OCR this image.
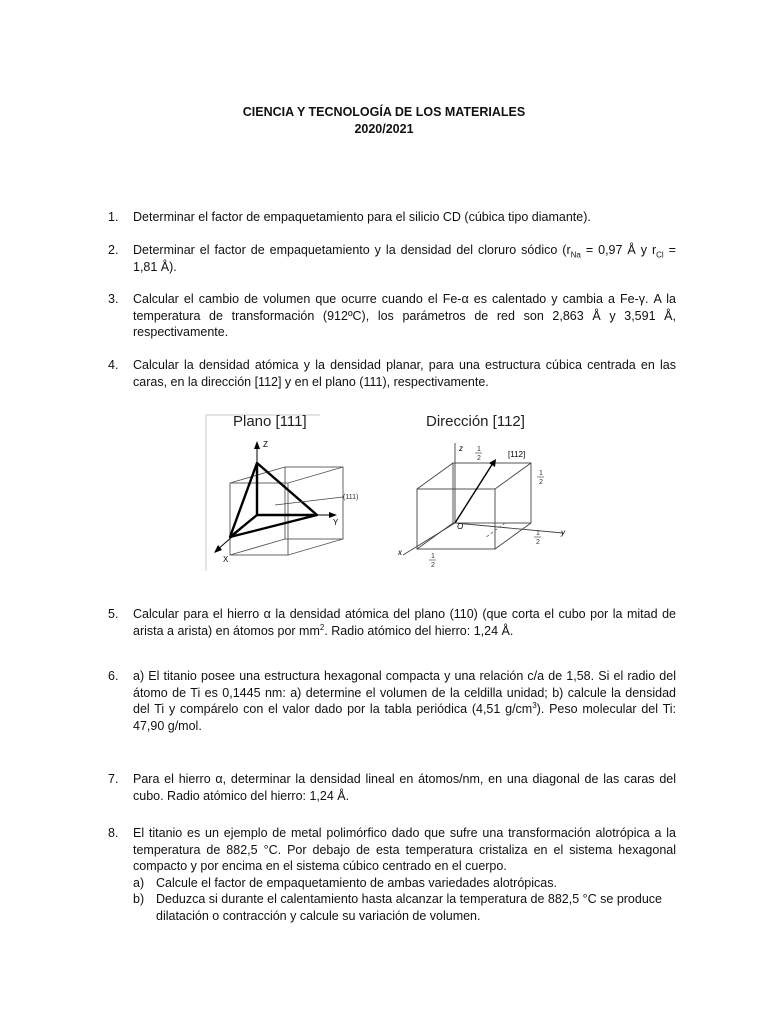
CIENCIA Y TECNOLOGÍA DE LOS MATERIALES
2020/2021
1. Determinar el factor de empaquetamiento para el silicio CD (cúbica tipo diamante).
2. Determinar el factor de empaquetamiento y la densidad del cloruro sódico ($r_{Na} = 0,97$ Å y $r_{Cl} = 1,81$ Å).
3. Calcular el cambio de volumen que ocurre cuando el Fe-α es calentado y cambia a Fe-γ. A la temperatura de transformación (912ºC), los parámetros de red son 2,863 Å y 3,591 Å, respectivamente.
4. Calcular la densidad atómica y la densidad planar, para una estructura cúbica centrada en las caras, en la dirección [112] y en el plano (111), respectivamente.
Plano [111]
Z
Y
X
(111)
Dirección [112]
z
y
x
O
[112]
1
2
1
2
1
2
1
2
5. Calcular para el hierro α la densidad atómica del plano (110) (que corta el cubo por la mitad de arista a arista) en átomos por $mm^2$. Radio atómico del hierro: 1,24 Å.
6. a) El titanio posee una estructura hexagonal compacta y una relación c/a de 1,58. Si el radio del átomo de Ti es 0,1445 nm: a) determine el volumen de la celdilla unidad; b) calcule la densidad del Ti y compárelo con el valor dado por la tabla periódica (4,51 $g/cm^3$). Peso molecular del Ti: 47,90 g/mol.
7. Para el hierro α, determinar la densidad lineal en átomos/nm, en una diagonal de las caras del cubo. Radio atómico del hierro: 1,24 Å.
8. El titanio es un ejemplo de metal polimórfico dado que sufre una transformación alotrópica a la temperatura de 882,5 °C. Por debajo de esta temperatura cristaliza en el sistema hexagonal compacto y por encima en el sistema cúbico centrado en el cuerpo.
a) Calcule el factor de empaquetamiento de ambas variedades alotrópicas.
b) Deduzca si durante el calentamiento hasta alcanzar la temperatura de 882,5 °C se produce dilatación o contracción y calcule su variación de volumen.
